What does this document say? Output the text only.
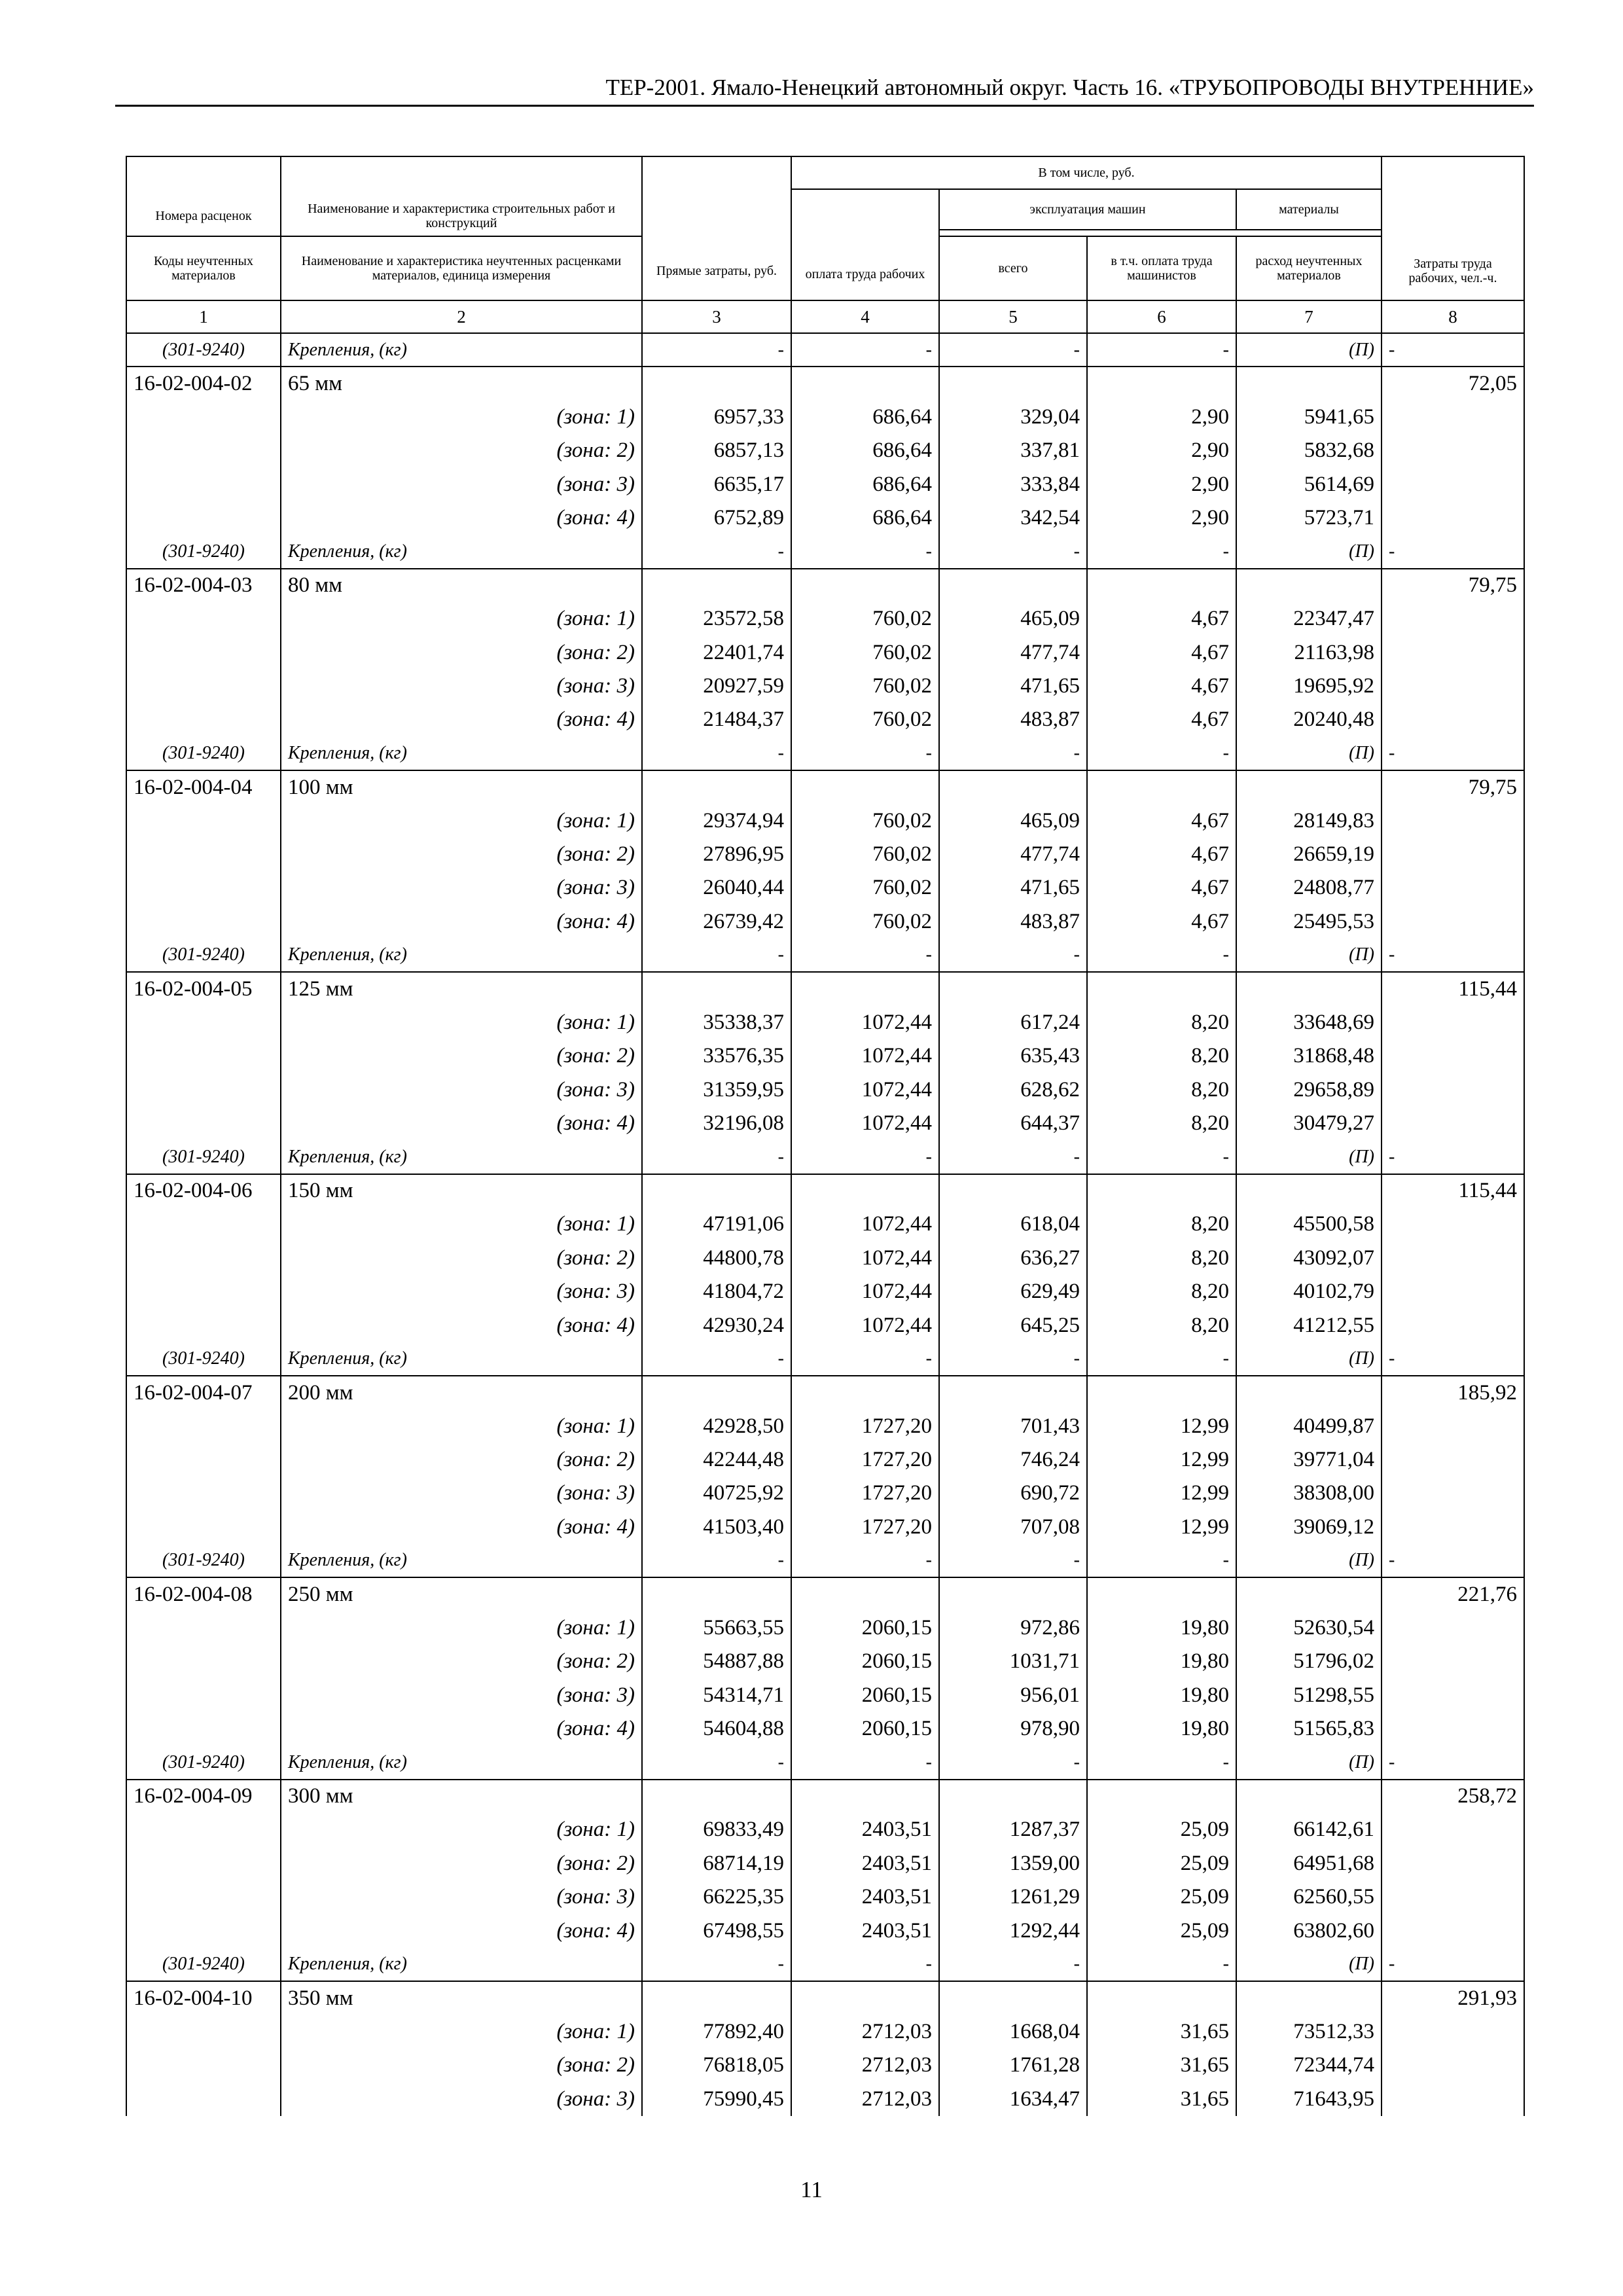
ТЕР-2001. Ямало-Ненецкий автономный округ. Часть 16. «ТРУБОПРОВОДЫ ВНУТРЕННИЕ»
Номера расценок	Наименование и характеристика строительных работ и конструкций	Прямые затраты, руб.	В том числе, руб.				Затраты труда рабочих, чел.-ч.

			оплата труда рабочих	эксплуатация машин		материалы	

Коды неучтенных материалов	Наименование и характеристика неучтенных расценками материалов, единица измерения			всего	в т.ч. оплата труда машинистов	расход неучтенных материалов	

1	2	3	4	5	6	7	8
(301-9240)	Крепления, (кг)	-	-	-	-	(П)	-
16-02-004-02	65 мм						72,05
	(зона: 1)	6957,33	686,64	329,04	2,90	5941,65	
	(зона: 2)	6857,13	686,64	337,81	2,90	5832,68	
	(зона: 3)	6635,17	686,64	333,84	2,90	5614,69	
	(зона: 4)	6752,89	686,64	342,54	2,90	5723,71	
(301-9240)	Крепления, (кг)	-	-	-	-	(П)	-
16-02-004-03	80 мм						79,75
	(зона: 1)	23572,58	760,02	465,09	4,67	22347,47	
	(зона: 2)	22401,74	760,02	477,74	4,67	21163,98	
	(зона: 3)	20927,59	760,02	471,65	4,67	19695,92	
	(зона: 4)	21484,37	760,02	483,87	4,67	20240,48	
(301-9240)	Крепления, (кг)	-	-	-	-	(П)	-
16-02-004-04	100 мм						79,75
	(зона: 1)	29374,94	760,02	465,09	4,67	28149,83	
	(зона: 2)	27896,95	760,02	477,74	4,67	26659,19	
	(зона: 3)	26040,44	760,02	471,65	4,67	24808,77	
	(зона: 4)	26739,42	760,02	483,87	4,67	25495,53	
(301-9240)	Крепления, (кг)	-	-	-	-	(П)	-
16-02-004-05	125 мм						115,44
	(зона: 1)	35338,37	1072,44	617,24	8,20	33648,69	
	(зона: 2)	33576,35	1072,44	635,43	8,20	31868,48	
	(зона: 3)	31359,95	1072,44	628,62	8,20	29658,89	
	(зона: 4)	32196,08	1072,44	644,37	8,20	30479,27	
(301-9240)	Крепления, (кг)	-	-	-	-	(П)	-
16-02-004-06	150 мм						115,44
	(зона: 1)	47191,06	1072,44	618,04	8,20	45500,58	
	(зона: 2)	44800,78	1072,44	636,27	8,20	43092,07	
	(зона: 3)	41804,72	1072,44	629,49	8,20	40102,79	
	(зона: 4)	42930,24	1072,44	645,25	8,20	41212,55	
(301-9240)	Крепления, (кг)	-	-	-	-	(П)	-
16-02-004-07	200 мм						185,92
	(зона: 1)	42928,50	1727,20	701,43	12,99	40499,87	
	(зона: 2)	42244,48	1727,20	746,24	12,99	39771,04	
	(зона: 3)	40725,92	1727,20	690,72	12,99	38308,00	
	(зона: 4)	41503,40	1727,20	707,08	12,99	39069,12	
(301-9240)	Крепления, (кг)	-	-	-	-	(П)	-
16-02-004-08	250 мм						221,76
	(зона: 1)	55663,55	2060,15	972,86	19,80	52630,54	
	(зона: 2)	54887,88	2060,15	1031,71	19,80	51796,02	
	(зона: 3)	54314,71	2060,15	956,01	19,80	51298,55	
	(зона: 4)	54604,88	2060,15	978,90	19,80	51565,83	
(301-9240)	Крепления, (кг)	-	-	-	-	(П)	-
16-02-004-09	300 мм						258,72
	(зона: 1)	69833,49	2403,51	1287,37	25,09	66142,61	
	(зона: 2)	68714,19	2403,51	1359,00	25,09	64951,68	
	(зона: 3)	66225,35	2403,51	1261,29	25,09	62560,55	
	(зона: 4)	67498,55	2403,51	1292,44	25,09	63802,60	
(301-9240)	Крепления, (кг)	-	-	-	-	(П)	-
16-02-004-10	350 мм						291,93
	(зона: 1)	77892,40	2712,03	1668,04	31,65	73512,33	
	(зона: 2)	76818,05	2712,03	1761,28	31,65	72344,74	
	(зона: 3)	75990,45	2712,03	1634,47	31,65	71643,95	
11
